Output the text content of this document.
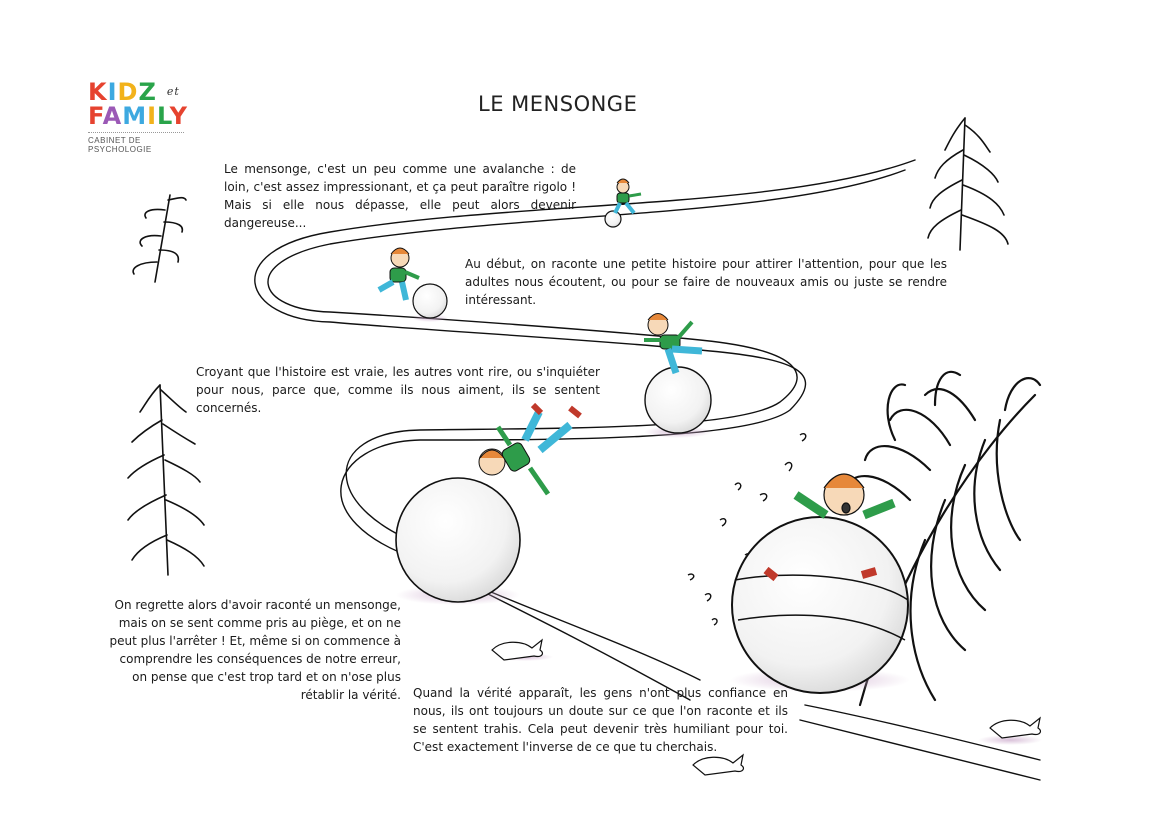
KIDZ $^{et}$
FAMILY
CABINET DE PSYCHOLOGIE
LE MENSONGE
Le mensonge, c'est un peu comme une avalanche : de loin, c'est assez impressionant, et ça peut paraître rigolo ! Mais si elle nous dépasse, elle peut alors devenir dangereuse...
Au début, on raconte une petite histoire pour attirer l'attention, pour que les adultes nous écoutent, ou pour se faire de nouveaux amis ou juste se rendre intéressant.
Croyant que l'histoire est vraie, les autres vont rire, ou s'inquiéter pour nous, parce que, comme ils nous aiment, ils se sentent concernés.
On regrette alors d'avoir raconté un mensonge, mais on se sent comme pris au piège, et on ne peut plus l'arrêter ! Et, même si on commence à comprendre les conséquences de notre erreur, on pense que c'est trop tard et on n'ose plus rétablir la vérité. Quand la vérité apparaît, les gens n'ont plus confiance en nous, ils ont toujours un doute sur ce que l'on raconte et ils se sentent trahis. Cela peut devenir très humiliant pour toi. C'est exactement l'inverse de ce que tu cherchais.
